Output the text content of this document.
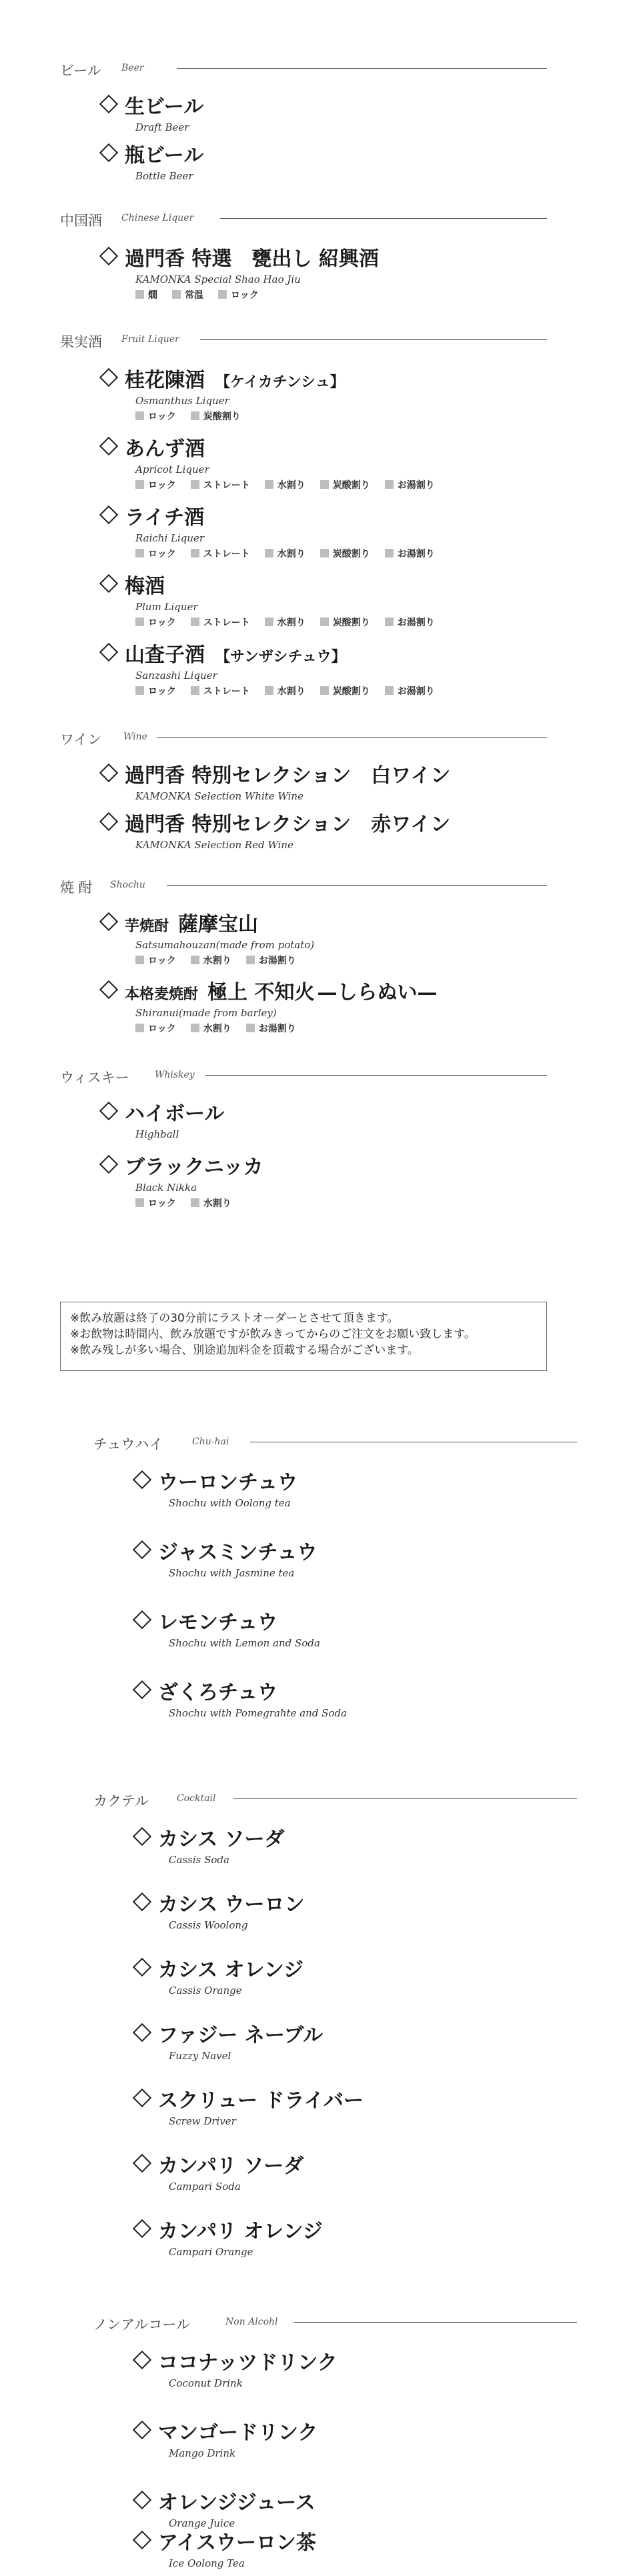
ビール Beer
生ビール
Draft Beer
瓶ビール
Bottle Beer
中国酒 Chinese Liquer
過門香 特選　甕出し 紹興酒
KAMONKA Special Shao Hao Jiu
燗	常温	ロック
果実酒 Fruit Liquer
桂花陳酒 【ケイカチンシュ】
Osmanthus Liquer
ロック	炭酸割り
あんず酒
Apricot Liquer
ロック	ストレート	水割り	炭酸割り	お湯割り
ライチ酒
Raichi Liquer
ロック	ストレート	水割り	炭酸割り	お湯割り
梅酒
Plum Liquer
ロック	ストレート	水割り	炭酸割り	お湯割り
山査子酒 【サンザシチュウ】
Sanzashi Liquer
ロック	ストレート	水割り	炭酸割り	お湯割り
ワイン Wine
過門香 特別セレクション　白ワイン
KAMONKA Selection White Wine
過門香 特別セレクション　赤ワイン
KAMONKA Selection Red Wine
焼 酎 Shochu
芋焼酎 薩摩宝山
Satsumahouzan(made from potato)
ロック	水割り	お湯割り
本格麦焼酎 極上 不知火 —しらぬい—
Shiranui(made from barley)
ロック	水割り	お湯割り
ウィスキー	Whiskey
ハイボール
Highball
ブラックニッカ
Black Nikka
ロック	水割り
※飲み放題は終了の30分前にラストオーダーとさせて頂きます。
※お飲物は時間内、飲み放題ですが飲みきってからのご注文をお願い致します。
※飲み残しが多い場合、別途追加料金を頂載する場合がございます。
チュウハイ	Chu-hai
ウーロンチュウ
Shochu with Oolong tea
ジャスミンチュウ
Shochu with Jasmine tea
レモンチュウ
Shochu with Lemon and Soda
ざくろチュウ
Shochu with Pomegrahte and Soda
カクテル	Cocktail
カシス ソーダ
Cassis Soda
カシス ウーロン
Cassis Woolong
カシス オレンジ
Cassis Orange
ファジー ネーブル
Fuzzy Navel
スクリュー ドライバー
Screw Driver
カンパリ ソーダ
Campari Soda
カンパリ オレンジ
Campari Orange
ノンアルコール	Non Alcohl
ココナッツドリンク
Coconut Drink
マンゴードリンク
Mango Drink
オレンジジュース
Orange Juice
アイスウーロン茶
Ice Oolong Tea
